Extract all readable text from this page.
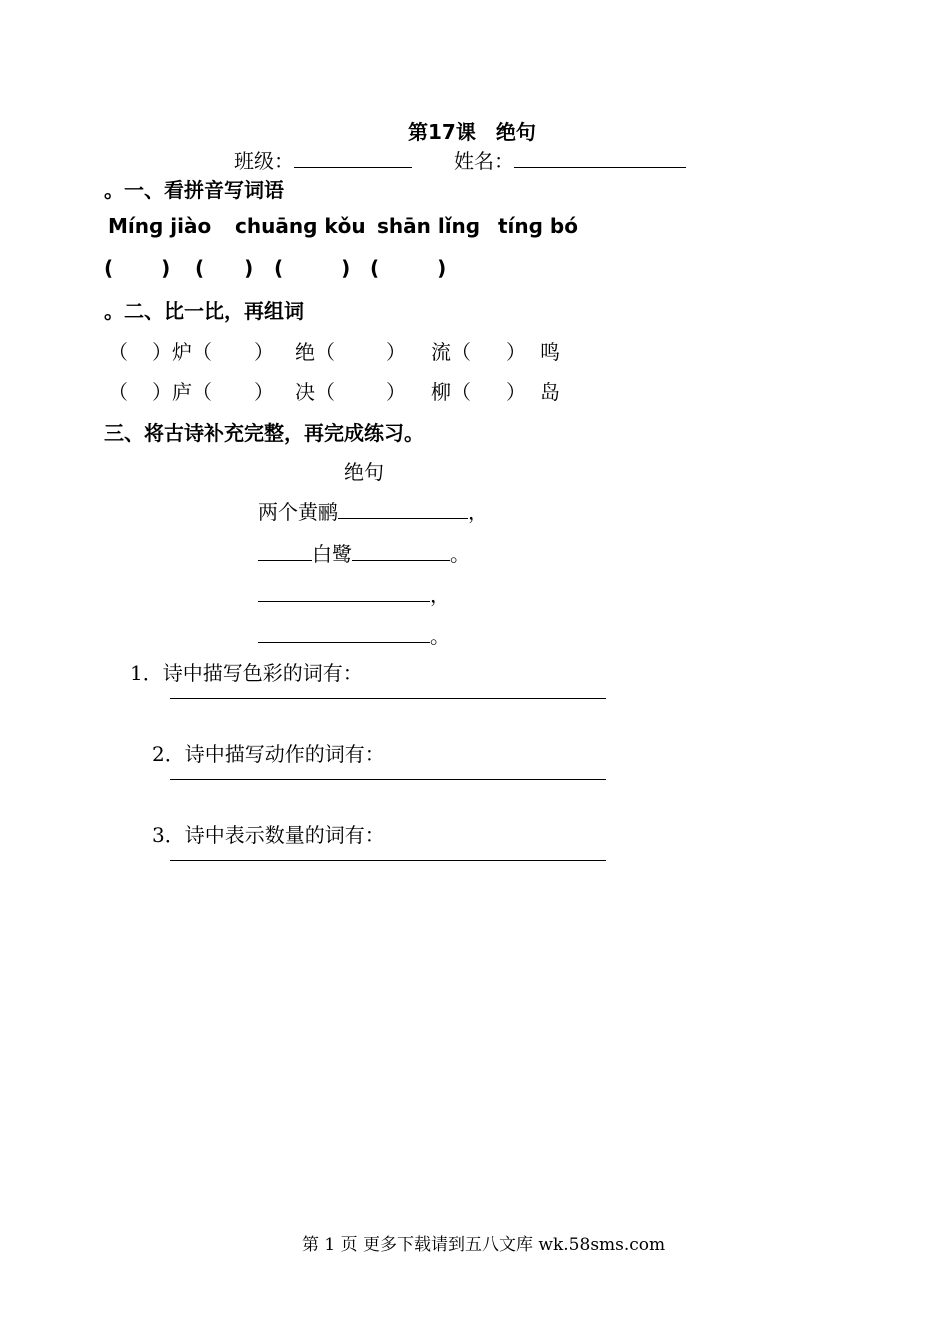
第17课　绝句
班级：	姓名：
。一、看拼音写词语
Mínɡ jiào chuānɡ kǒu shān lǐnɡ tínɡ bó
( ) ( ) (	) (	)
。二、比一比，再组词
（ ）炉（ ） 绝（	） 流（ ） 鸣
（ ）庐（ ） 决（	） 柳（ ） 岛
三、将古诗补充完整，再完成练习。
绝句
两个黄鹂	，
白鹭	。
，
。
1．诗中描写色彩的词有：
2．诗中描写动作的词有：
3．诗中表示数量的词有：
第 1 页 更多下载请到五八文库 wk.58sms.com
